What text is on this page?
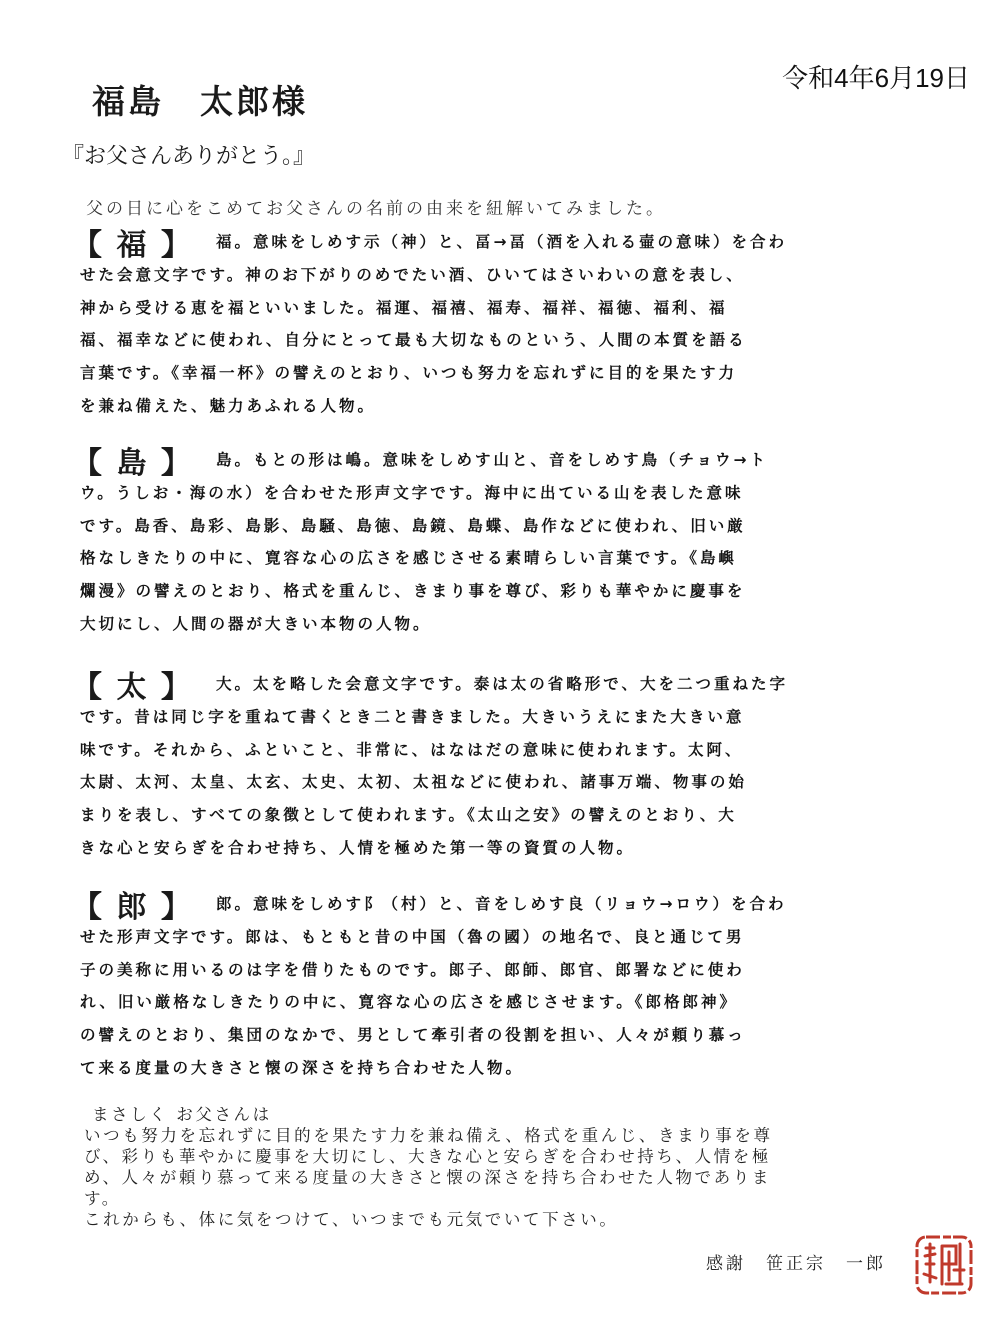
令和4年6月19日
福島　太郎様
『お父さんありがとう。』
父の日に心をこめてお父さんの名前の由来を紐解いてみました。
【 福 】	福。意味をしめす示（神）と、畐→畐（酒を入れる壷の意味）を合わ
せた会意文字です。神のお下がりのめでたい酒、ひいてはさいわいの意を表し、
神から受ける恵を福といいました。福運、福禧、福寿、福祥、福徳、福利、福
福、福幸などに使われ、自分にとって最も大切なものという、人間の本質を語る
言葉です。《幸福一杯》の譬えのとおり、いつも努力を忘れずに目的を果たす力
を兼ね備えた、魅力あふれる人物。
【 島 】	島。もとの形は嶋。意味をしめす山と、音をしめす鳥（チョウ→ト
ウ。うしお・海の水）を合わせた形声文字です。海中に出ている山を表した意味
です。島香、島彩、島影、島騒、島徳、島鏡、島蝶、島作などに使われ、旧い厳
格なしきたりの中に、寛容な心の広さを感じさせる素晴らしい言葉です。《島嶼
爛漫》の譬えのとおり、格式を重んじ、きまり事を尊び、彩りも華やかに慶事を
大切にし、人間の器が大きい本物の人物。
【 太 】	大。太を略した会意文字です。泰は太の省略形で、大を二つ重ねた字
です。昔は同じ字を重ねて書くとき二と書きました。大きいうえにまた大きい意
味です。それから、ふといこと、非常に、はなはだの意味に使われます。太阿、
太尉、太河、太皇、太玄、太史、太初、太祖などに使われ、諸事万端、物事の始
まりを表し、すべての象徴として使われます。《太山之安》の譬えのとおり、大
きな心と安らぎを合わせ持ち、人情を極めた第一等の資質の人物。
【 郎 】	郎。意味をしめす阝（村）と、音をしめす良（リョウ→ロウ）を合わ
せた形声文字です。郎は、もともと昔の中国（魯の國）の地名で、良と通じて男
子の美称に用いるのは字を借りたものです。郎子、郎師、郎官、郎署などに使わ
れ、旧い厳格なしきたりの中に、寛容な心の広さを感じさせます。《郎格郎神》
の譬えのとおり、集団のなかで、男として牽引者の役割を担い、人々が頼り慕っ
て来る度量の大きさと懐の深さを持ち合わせた人物。
まさしく お父さんは
いつも努力を忘れずに目的を果たす力を兼ね備え、格式を重んじ、きまり事を尊
び、彩りも華やかに慶事を大切にし、大きな心と安らぎを合わせ持ち、人情を極
め、人々が頼り慕って来る度量の大きさと懐の深さを持ち合わせた人物でありま
す。
これからも、体に気をつけて、いつまでも元気でいて下さい。
感謝　笹正宗　一郎
